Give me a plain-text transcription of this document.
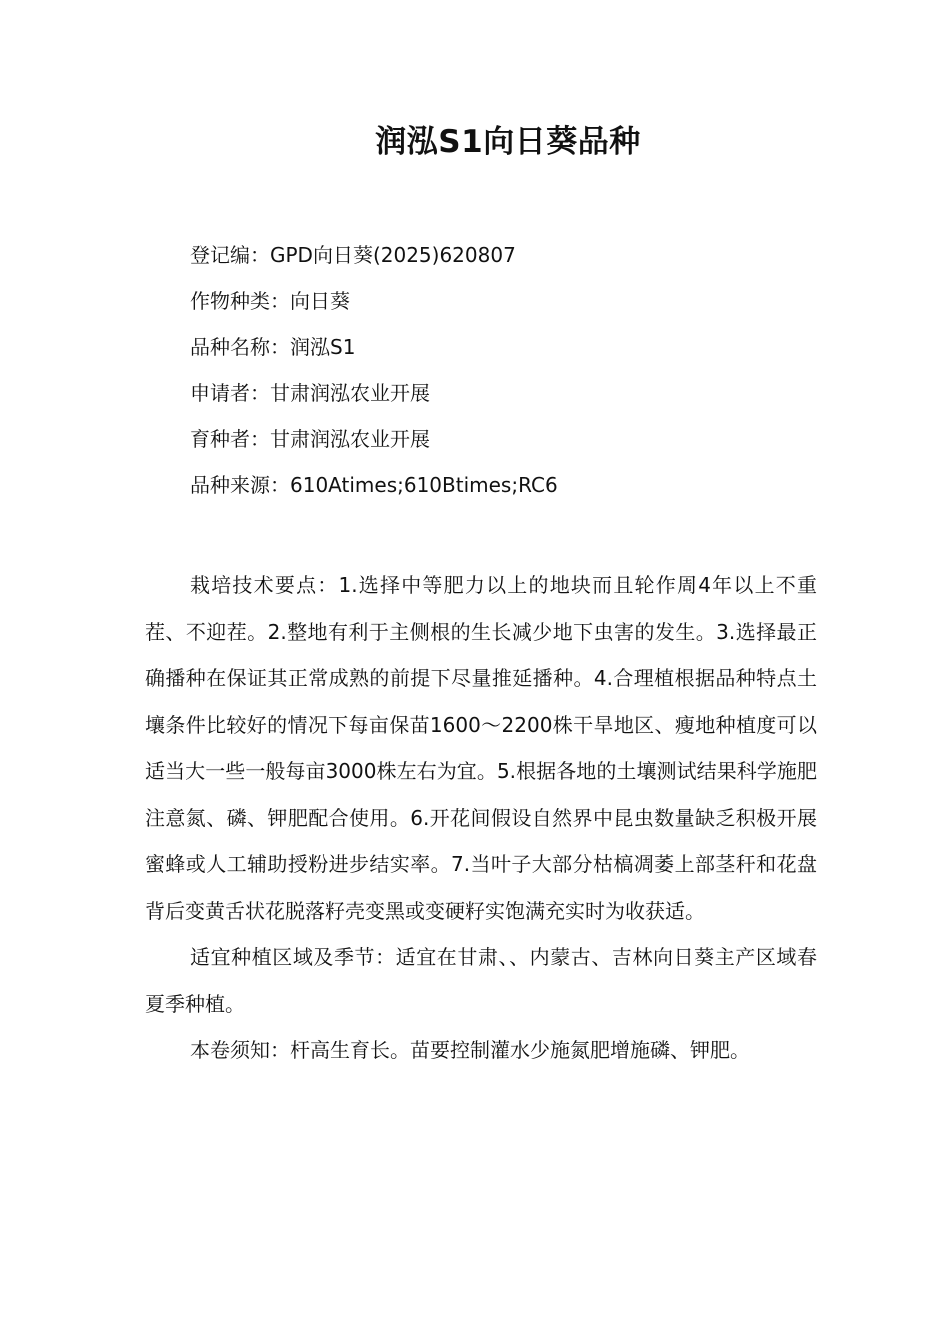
润泓S1向日葵品种
登记编：GPD向日葵(2025)620807
作物种类：向日葵
品种名称：润泓S1
申请者：甘肃润泓农业开展
育种者：甘肃润泓农业开展
品种来源：610Atimes;610Btimes;RC6

栽培技术要点：1.选择中等肥力以上的地块而且轮作周4年以上不重茬、不迎茬。2.整地有利于主侧根的生长减少地下虫害的发生。3.选择最正确播种在保证其正常成熟的前提下尽量推延播种。4.合理植根据品种特点土壤条件比较好的情况下每亩保苗1600～2200株干旱地区、瘦地种植度可以适当大一些一般每亩3000株左右为宜。5.根据各地的土壤测试结果科学施肥注意氮、磷、钾肥配合使用。6.开花间假设自然界中昆虫数量缺乏积极开展蜜蜂或人工辅助授粉进步结实率。7.当叶子大部分枯槁凋萎上部茎秆和花盘背后变黄舌状花脱落籽壳变黑或变硬籽实饱满充实时为收获适。

适宜种植区域及季节：适宜在甘肃、、内蒙古、吉林向日葵主产区域春夏季种植。

本卷须知：杆高生育长。苗要控制灌水少施氮肥增施磷、钾肥。
